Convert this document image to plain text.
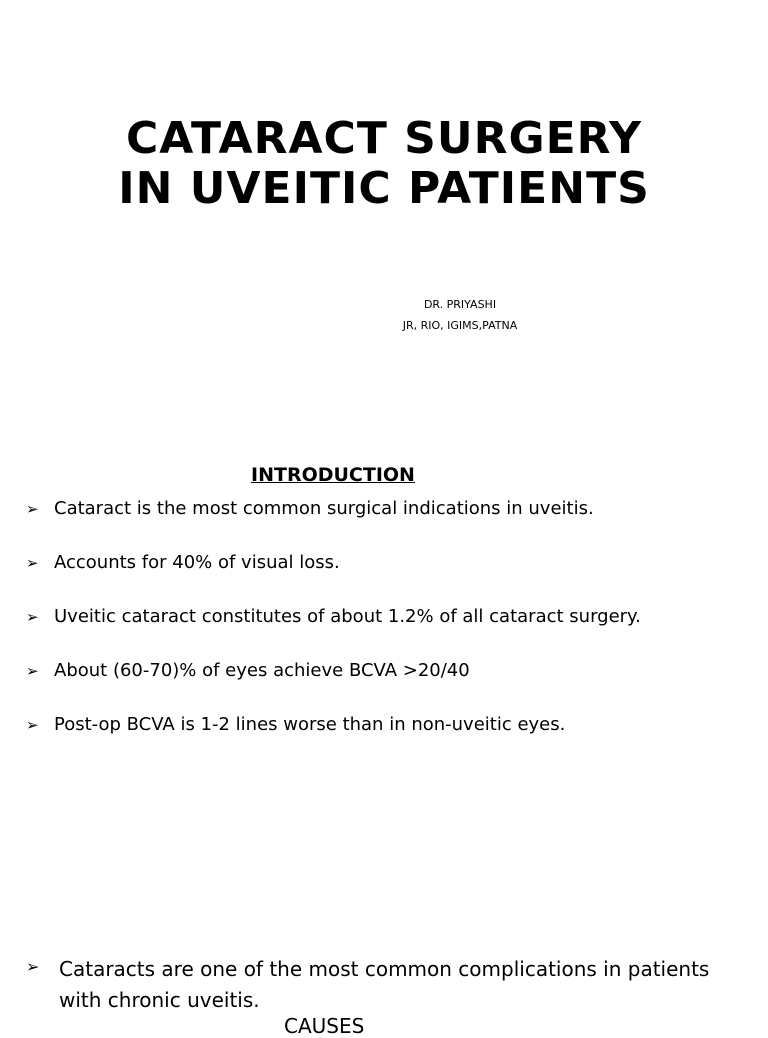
CATARACT SURGERY
IN UVEITIC PATIENTS
DR. PRIYASHI
JR, RIO, IGIMS,PATNA
INTRODUCTION
➢ Cataract is the most common surgical indications in uveitis.
➢ Accounts for 40% of visual loss.
➢ Uveitic cataract constitutes of about 1.2% of all cataract surgery.
➢ About (60-70)% of eyes achieve BCVA >20/40
➢ Post-op BCVA is 1-2 lines worse than in non-uveitic eyes.
➢ Cataracts are one of the most common complications in patients with chronic uveitis.
CAUSES
